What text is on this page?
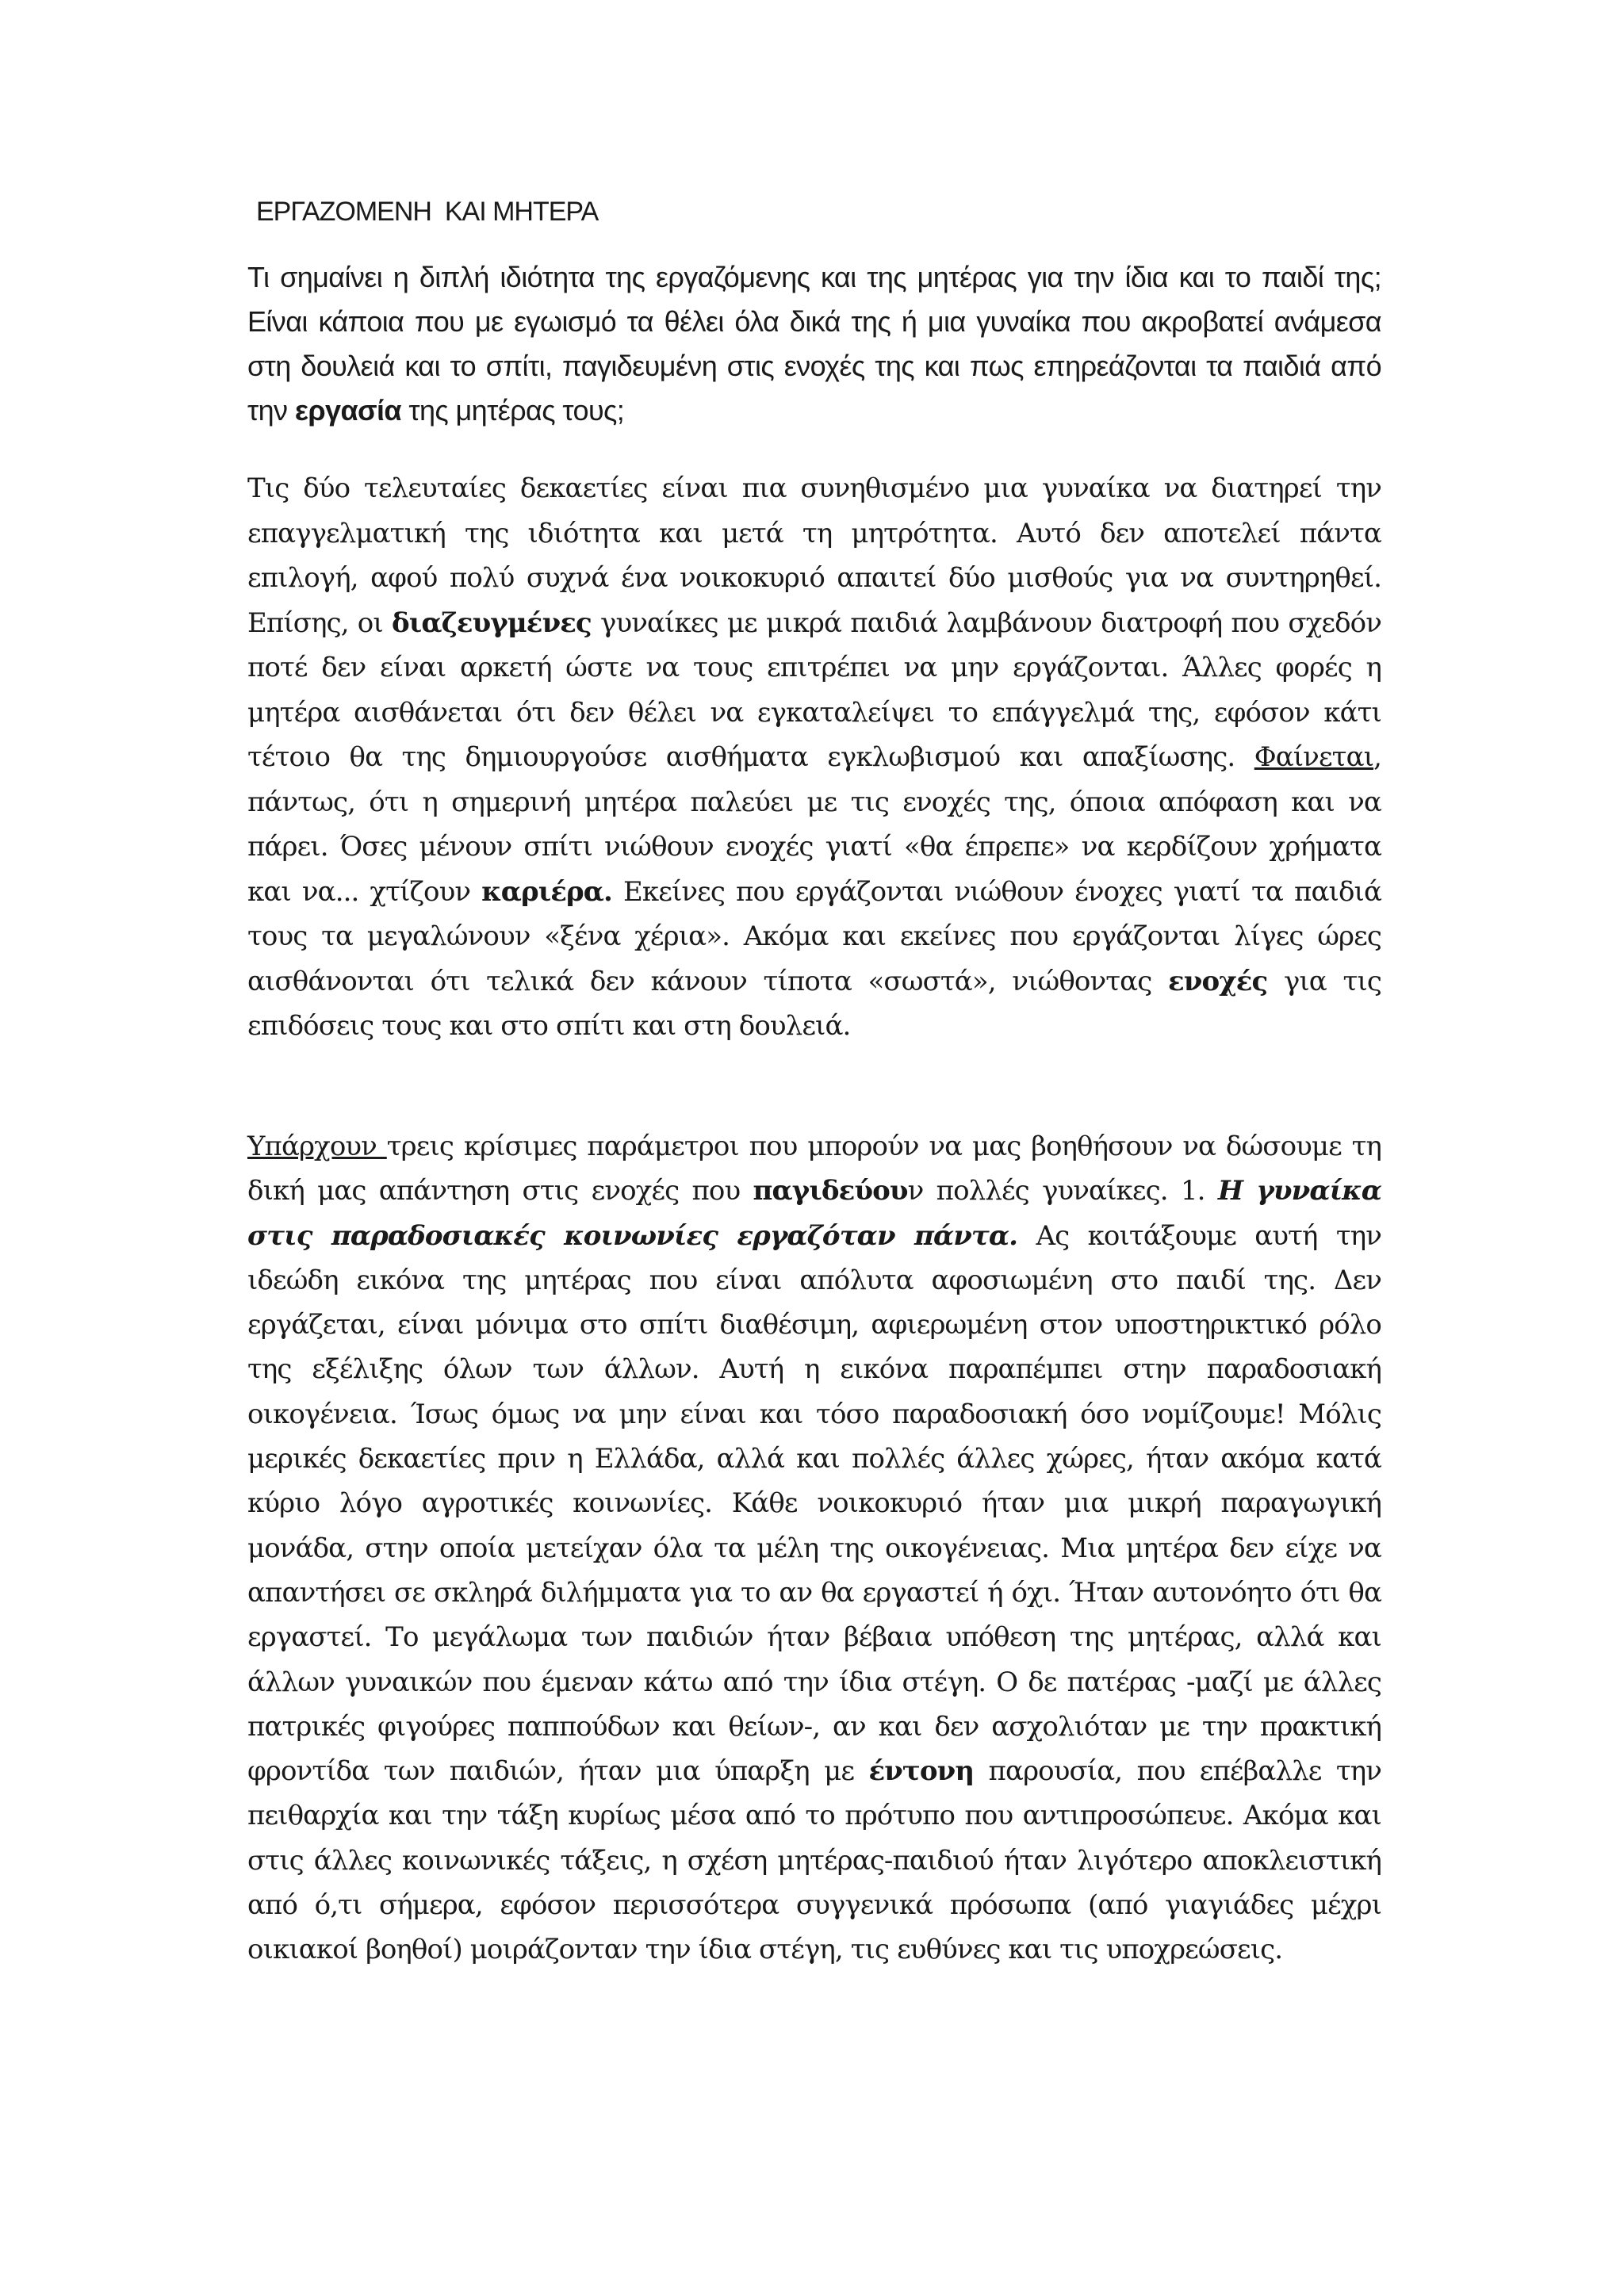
ΕΡΓΑΖΟΜΕΝΗ  ΚΑΙ ΜΗΤΕΡΑ

Τι σημαίνει η διπλή ιδιότητα της εργαζόμενης και της μητέρας για την ίδια και το παιδί της; Είναι κάποια που με εγωισμό τα θέλει όλα δικά της ή μια γυναίκα που ακροβατεί ανάμεσα στη δουλειά και το σπίτι, παγιδευμένη στις ενοχές της και πως επηρεάζονται τα παιδιά από την εργασία της μητέρας τους;

Τις δύο τελευταίες δεκαετίες είναι πια συνηθισμένο μια γυναίκα να διατηρεί την επαγγελματική της ιδιότητα και μετά τη μητρότητα. Αυτό δεν αποτελεί πάντα επιλογή, αφού πολύ συχνά ένα νοικοκυριό απαιτεί δύο μισθούς για να συντηρηθεί. Επίσης, οι διαζευγμένες γυναίκες με μικρά παιδιά λαμβάνουν διατροφή που σχεδόν ποτέ δεν είναι αρκετή ώστε να τους επιτρέπει να μην εργάζονται. Άλλες φορές η μητέρα αισθάνεται ότι δεν θέλει να εγκαταλείψει το επάγγελμά της, εφόσον κάτι τέτοιο θα της δημιουργούσε αισθήματα εγκλωβισμού και απαξίωσης. Φαίνεται, πάντως, ότι η σημερινή μητέρα παλεύει με τις ενοχές της, όποια απόφαση και να πάρει. Όσες μένουν σπίτι νιώθουν ενοχές γιατί «θα έπρεπε» να κερδίζουν χρήματα και να... χτίζουν καριέρα. Εκείνες που εργάζονται νιώθουν ένοχες γιατί τα παιδιά τους τα μεγαλώνουν «ξένα χέρια». Ακόμα και εκείνες που εργάζονται λίγες ώρες αισθάνονται ότι τελικά δεν κάνουν τίποτα «σωστά», νιώθοντας ενοχές για τις επιδόσεις τους και στο σπίτι και στη δουλειά.

Υπάρχουν τρεις κρίσιμες παράμετροι που μπορούν να μας βοηθήσουν να δώσουμε τη δική μας απάντηση στις ενοχές που παγιδεύουν πολλές γυναίκες. 1. Η γυναίκα στις παραδοσιακές κοινωνίες εργαζόταν πάντα. Ας κοιτάξουμε αυτή την ιδεώδη εικόνα της μητέρας που είναι απόλυτα αφοσιωμένη στο παιδί της. Δεν εργάζεται, είναι μόνιμα στο σπίτι διαθέσιμη, αφιερωμένη στον υποστηρικτικό ρόλο της εξέλιξης όλων των άλλων. Αυτή η εικόνα παραπέμπει στην παραδοσιακή οικογένεια. Ίσως όμως να μην είναι και τόσο παραδοσιακή όσο νομίζουμε! Μόλις μερικές δεκαετίες πριν η Ελλάδα, αλλά και πολλές άλλες χώρες, ήταν ακόμα κατά κύριο λόγο αγροτικές κοινωνίες. Κάθε νοικοκυριό ήταν μια μικρή παραγωγική μονάδα, στην οποία μετείχαν όλα τα μέλη της οικογένειας. Μια μητέρα δεν είχε να απαντήσει σε σκληρά διλήμματα για το αν θα εργαστεί ή όχι. Ήταν αυτονόητο ότι θα εργαστεί. Το μεγάλωμα των παιδιών ήταν βέβαια υπόθεση της μητέρας, αλλά και άλλων γυναικών που έμεναν κάτω από την ίδια στέγη. Ο δε πατέρας -μαζί με άλλες πατρικές φιγούρες παππούδων και θείων-, αν και δεν ασχολιόταν με την πρακτική φροντίδα των παιδιών, ήταν μια ύπαρξη με έντονη παρουσία, που επέβαλλε την πειθαρχία και την τάξη κυρίως μέσα από το πρότυπο που αντιπροσώπευε. Ακόμα και στις άλλες κοινωνικές τάξεις, η σχέση μητέρας-παιδιού ήταν λιγότερο αποκλειστική από ό,τι σήμερα, εφόσον περισσότερα συγγενικά πρόσωπα (από γιαγιάδες μέχρι οικιακοί βοηθοί) μοιράζονταν την ίδια στέγη, τις ευθύνες και τις υποχρεώσεις.
